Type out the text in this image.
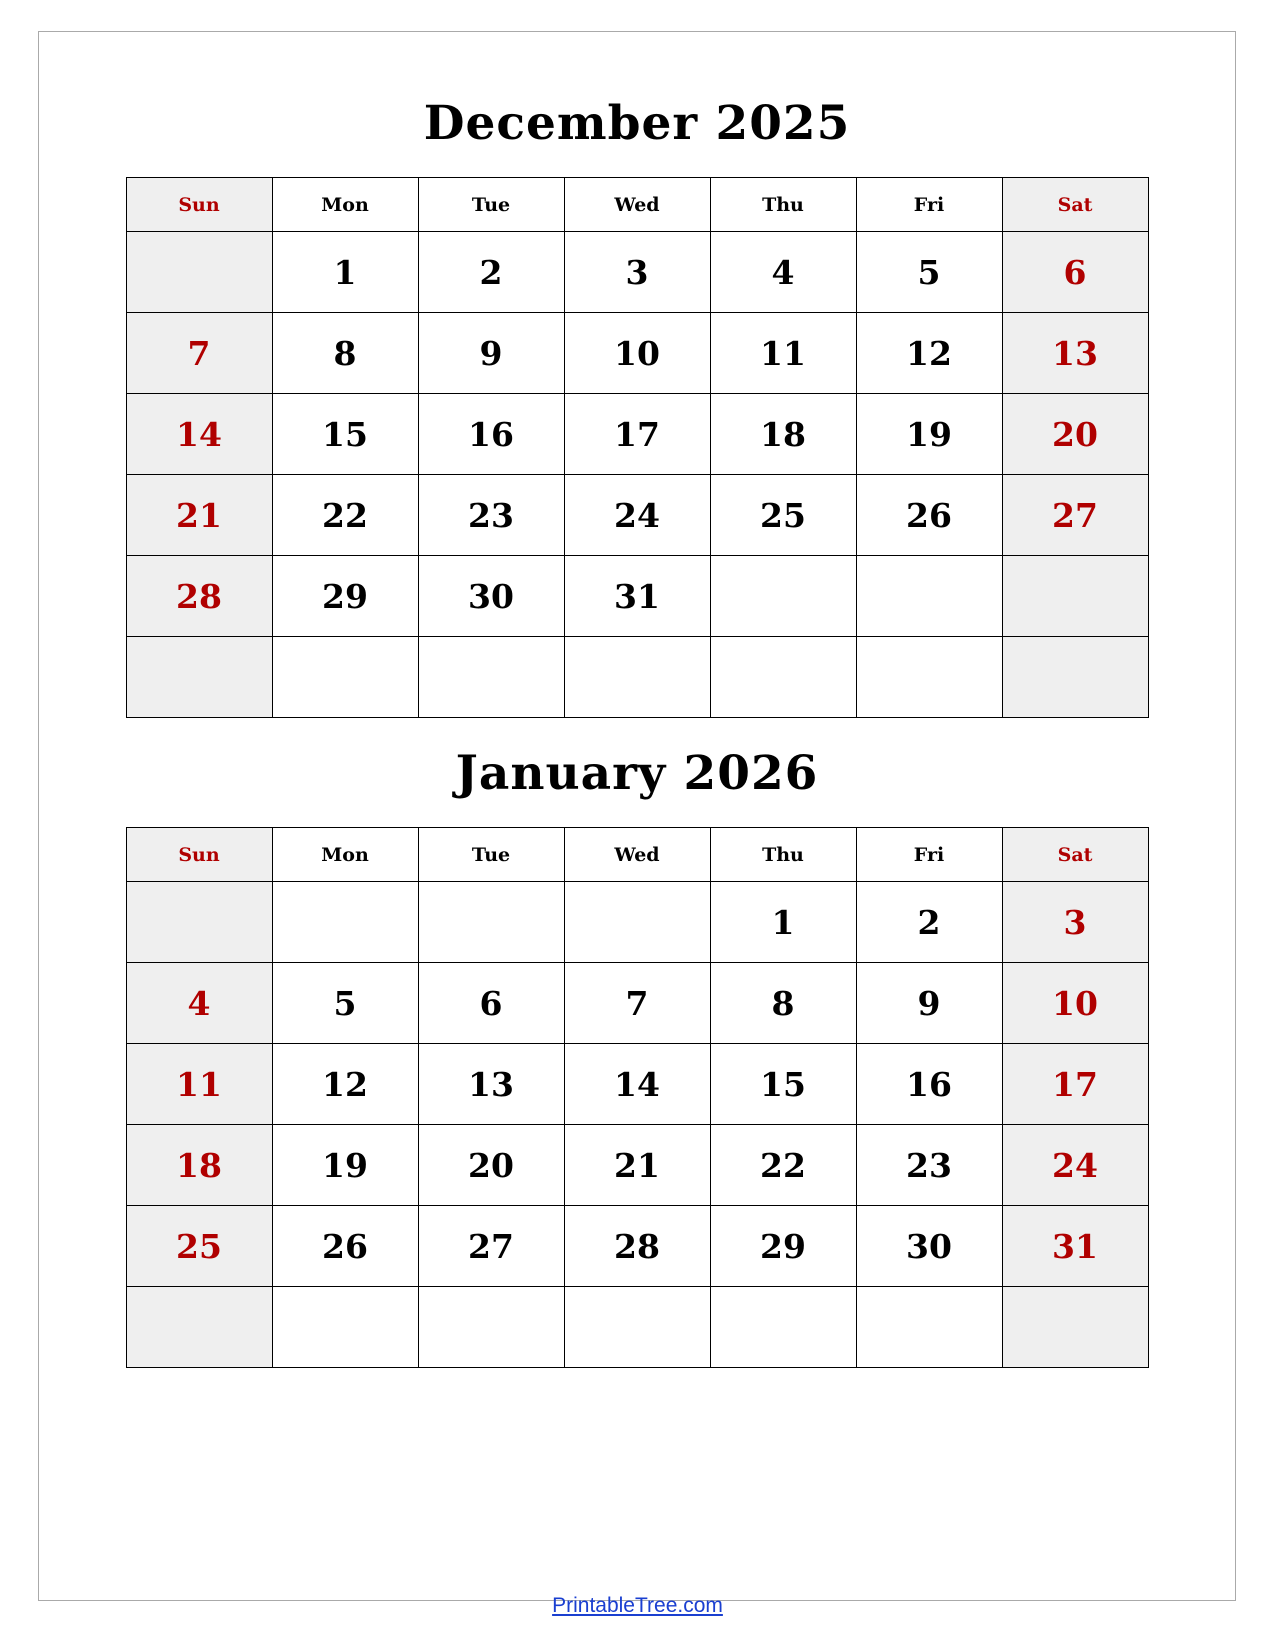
December 2025
Sun	Mon	Tue	Wed	Thu	Fri	Sat
	1	2	3	4	5	6
7	8	9	10	11	12	13
14	15	16	17	18	19	20
21	22	23	24	25	26	27
28	29	30	31			

January 2026
Sun	Mon	Tue	Wed	Thu	Fri	Sat
				1	2	3
4	5	6	7	8	9	10
11	12	13	14	15	16	17
18	19	20	21	22	23	24
25	26	27	28	29	30	31

PrintableTree.com
